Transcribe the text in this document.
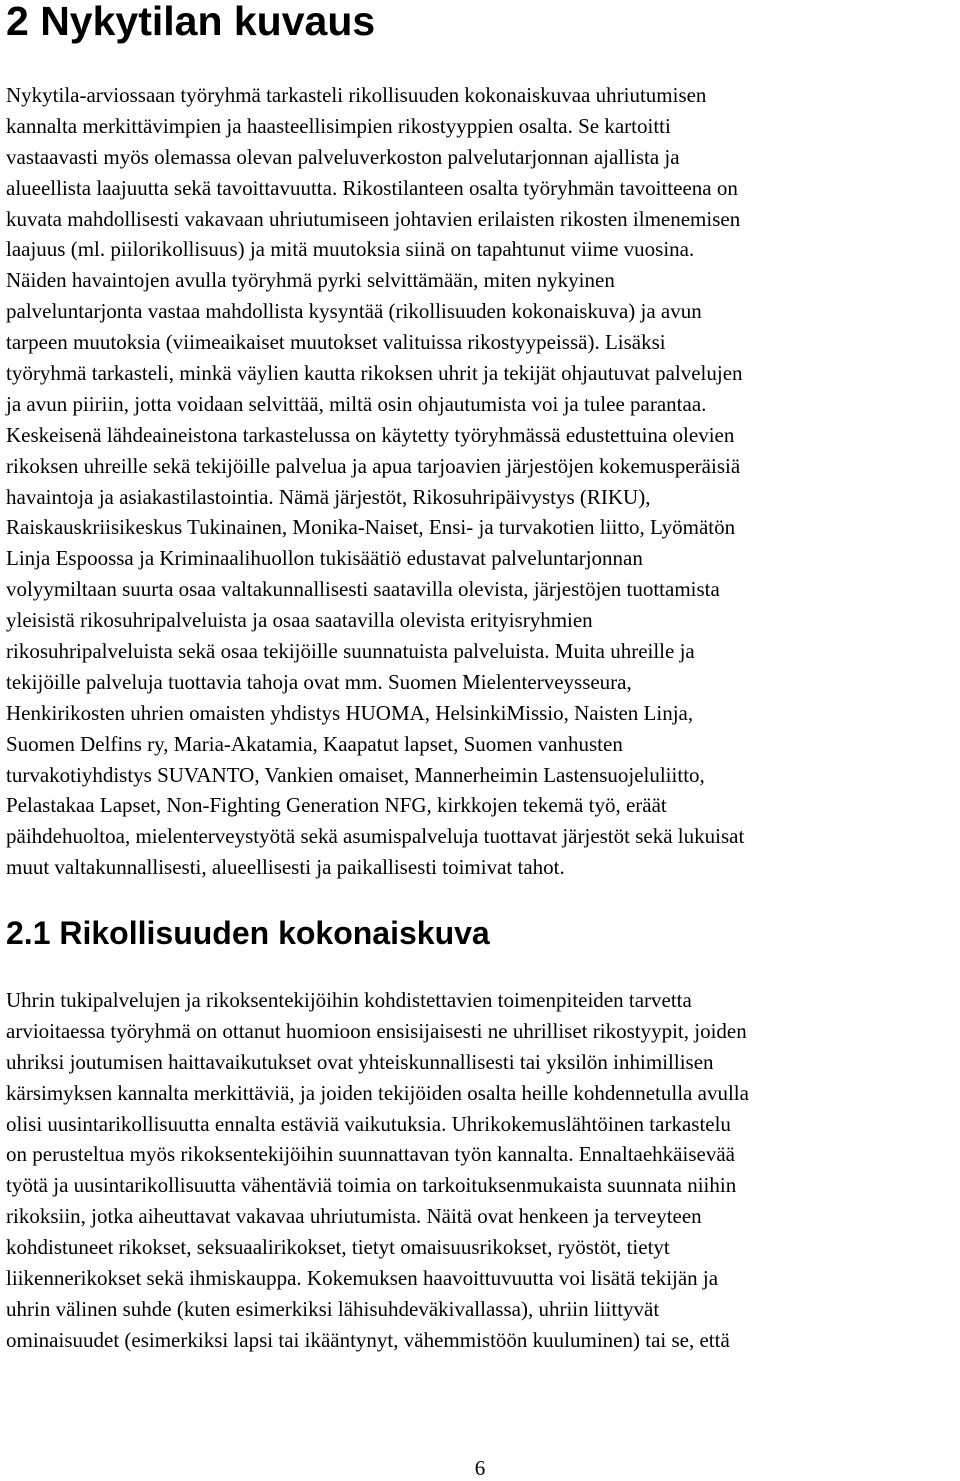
2 Nykytilan kuvaus
Nykytila-arviossaan työryhmä tarkasteli rikollisuuden kokonaiskuvaa uhriutumisen
kannalta merkittävimpien ja haasteellisimpien rikostyyppien osalta. Se kartoitti
vastaavasti myös olemassa olevan palveluverkoston palvelutarjonnan ajallista ja
alueellista laajuutta sekä tavoittavuutta. Rikostilanteen osalta työryhmän tavoitteena on
kuvata mahdollisesti vakavaan uhriutumiseen johtavien erilaisten rikosten ilmenemisen
laajuus (ml. piilorikollisuus) ja mitä muutoksia siinä on tapahtunut viime vuosina.
Näiden havaintojen avulla työryhmä pyrki selvittämään, miten nykyinen
palveluntarjonta vastaa mahdollista kysyntää (rikollisuuden kokonaiskuva) ja avun
tarpeen muutoksia (viimeaikaiset muutokset valituissa rikostyypeissä). Lisäksi
työryhmä tarkasteli, minkä väylien kautta rikoksen uhrit ja tekijät ohjautuvat palvelujen
ja avun piiriin, jotta voidaan selvittää, miltä osin ohjautumista voi ja tulee parantaa.
Keskeisenä lähdeaineistona tarkastelussa on käytetty työryhmässä edustettuina olevien
rikoksen uhreille sekä tekijöille palvelua ja apua tarjoavien järjestöjen kokemusperäisiä
havaintoja ja asiakastilastointia. Nämä järjestöt, Rikosuhripäivystys (RIKU),
Raiskauskriisikeskus Tukinainen, Monika-Naiset, Ensi- ja turvakotien liitto, Lyömätön
Linja Espoossa ja Kriminaalihuollon tukisäätiö edustavat palveluntarjonnan
volyymiltaan suurta osaa valtakunnallisesti saatavilla olevista, järjestöjen tuottamista
yleisistä rikosuhripalveluista ja osaa saatavilla olevista erityisryhmien
rikosuhripalveluista sekä osaa tekijöille suunnatuista palveluista. Muita uhreille ja
tekijöille palveluja tuottavia tahoja ovat mm. Suomen Mielenterveysseura,
Henkirikosten uhrien omaisten yhdistys HUOMA, HelsinkiMissio, Naisten Linja,
Suomen Delfins ry, Maria-Akatamia, Kaapatut lapset, Suomen vanhusten
turvakotiyhdistys SUVANTO, Vankien omaiset, Mannerheimin Lastensuojeluliitto,
Pelastakaa Lapset, Non-Fighting Generation NFG, kirkkojen tekemä työ, eräät
päihdehuoltoa, mielenterveystyötä sekä asumispalveluja tuottavat järjestöt sekä lukuisat
muut valtakunnallisesti, alueellisesti ja paikallisesti toimivat tahot.
2.1 Rikollisuuden kokonaiskuva
Uhrin tukipalvelujen ja rikoksentekijöihin kohdistettavien toimenpiteiden tarvetta
arvioitaessa työryhmä on ottanut huomioon ensisijaisesti ne uhrilliset rikostyypit, joiden
uhriksi joutumisen haittavaikutukset ovat yhteiskunnallisesti tai yksilön inhimillisen
kärsimyksen kannalta merkittäviä, ja joiden tekijöiden osalta heille kohdennetulla avulla
olisi uusintarikollisuutta ennalta estäviä vaikutuksia. Uhrikokemuslähtöinen tarkastelu
on perusteltua myös rikoksentekijöihin suunnattavan työn kannalta. Ennaltaehkäisevää
työtä ja uusintarikollisuutta vähentäviä toimia on tarkoituksenmukaista suunnata niihin
rikoksiin, jotka aiheuttavat vakavaa uhriutumista. Näitä ovat henkeen ja terveyteen
kohdistuneet rikokset, seksuaalirikokset, tietyt omaisuusrikokset, ryöstöt, tietyt
liikennerikokset sekä ihmiskauppa. Kokemuksen haavoittuvuutta voi lisätä tekijän ja
uhrin välinen suhde (kuten esimerkiksi lähisuhdeväkivallassa), uhriin liittyvät
ominaisuudet (esimerkiksi lapsi tai ikääntynyt, vähemmistöön kuuluminen) tai se, että
6
